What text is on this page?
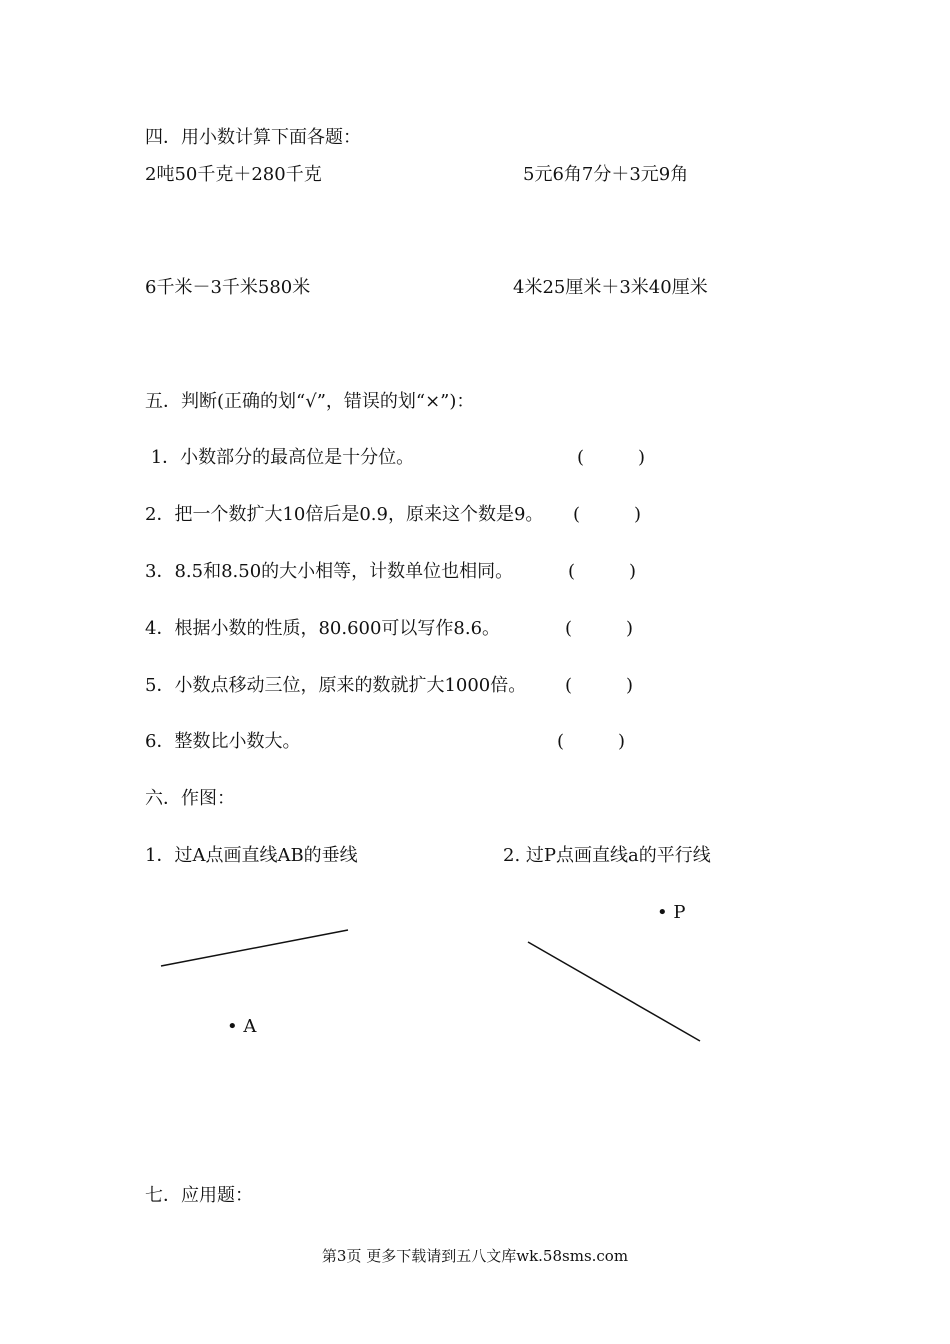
四．用小数计算下面各题：
2吨50千克＋280千克	5元6角7分＋3元9角
6千米－3千米580米	4米25厘米＋3米40厘米
五．判断(正确的划“√”，错误的划“×”)：
1．小数部分的最高位是十分位。	(　　　)
2．把一个数扩大10倍后是0.9，原来这个数是9。 (　　　)
3．8.5和8.50的大小相等，计数单位也相同。	(　　　)
4．根据小数的性质，80.600可以写作8.6。	(　　　)
5．小数点移动三位，原来的数就扩大1000倍。 (　　　)
6．整数比小数大。	(　　　)
六．作图：
1．过A点画直线AB的垂线	2. 过P点画直线a的平行线
• A
• P
七．应用题：
第3页 更多下载请到五八文库wk.58sms.com
